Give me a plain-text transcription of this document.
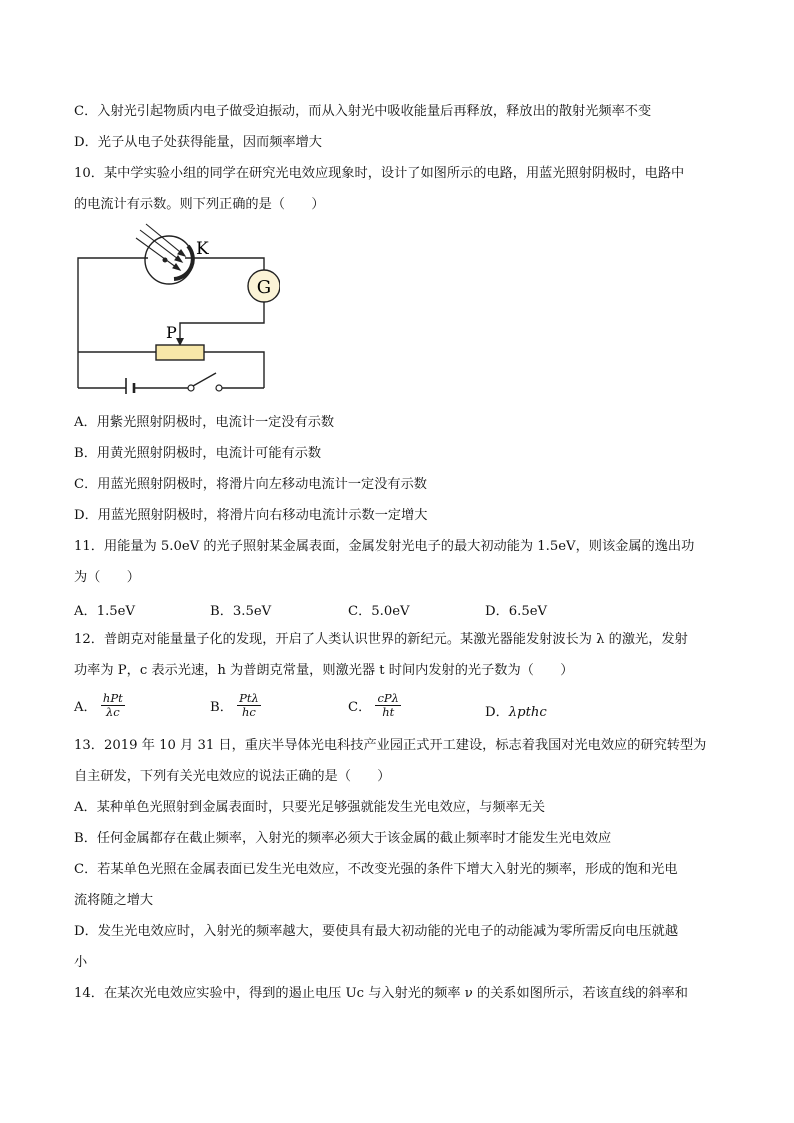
C．入射光引起物质内电子做受迫振动，而从入射光中吸收能量后再释放，释放出的散射光频率不变
D．光子从电子处获得能量，因而频率增大
10．某中学实验小组的同学在研究光电效应现象时，设计了如图所示的电路，用蓝光照射阴极时，电路中
的电流计有示数。则下列正确的是（　　）
K
G
P
A．用紫光照射阴极时，电流计一定没有示数
B．用黄光照射阴极时，电流计可能有示数
C．用蓝光照射阴极时，将滑片向左移动电流计一定没有示数
D．用蓝光照射阴极时，将滑片向右移动电流计示数一定增大
11．用能量为 5.0eV 的光子照射某金属表面，金属发射光电子的最大初动能为 1.5eV，则该金属的逸出功
为（　　）
A．1.5eV	B．3.5eV	C．5.0eV	D．6.5eV
12．普朗克对能量量子化的发现，开启了人类认识世界的新纪元。某激光器能发射波长为 λ 的激光，发射
功率为 P，c 表示光速，h 为普朗克常量，则激光器 t 时间内发射的光子数为（　　）
A． $\frac{\text{hPt}}{\lambda c}$	B． $\frac{\text{Ptλ}}{hc}$	C． $\frac{\text{cPλ}}{ht}$	D．λpthc
13．2019 年 10 月 31 日，重庆半导体光电科技产业园正式开工建设，标志着我国对光电效应的研究转型为
自主研发，下列有关光电效应的说法正确的是（　　）
A．某种单色光照射到金属表面时，只要光足够强就能发生光电效应，与频率无关
B．任何金属都存在截止频率，入射光的频率必须大于该金属的截止频率时才能发生光电效应
C．若某单色光照在金属表面已发生光电效应，不改变光强的条件下增大入射光的频率，形成的饱和光电
流将随之增大
D．发生光电效应时，入射光的频率越大，要使具有最大初动能的光电子的动能减为零所需反向电压就越
小
14．在某次光电效应实验中，得到的遏止电压 Uc 与入射光的频率 ν 的关系如图所示，若该直线的斜率和
